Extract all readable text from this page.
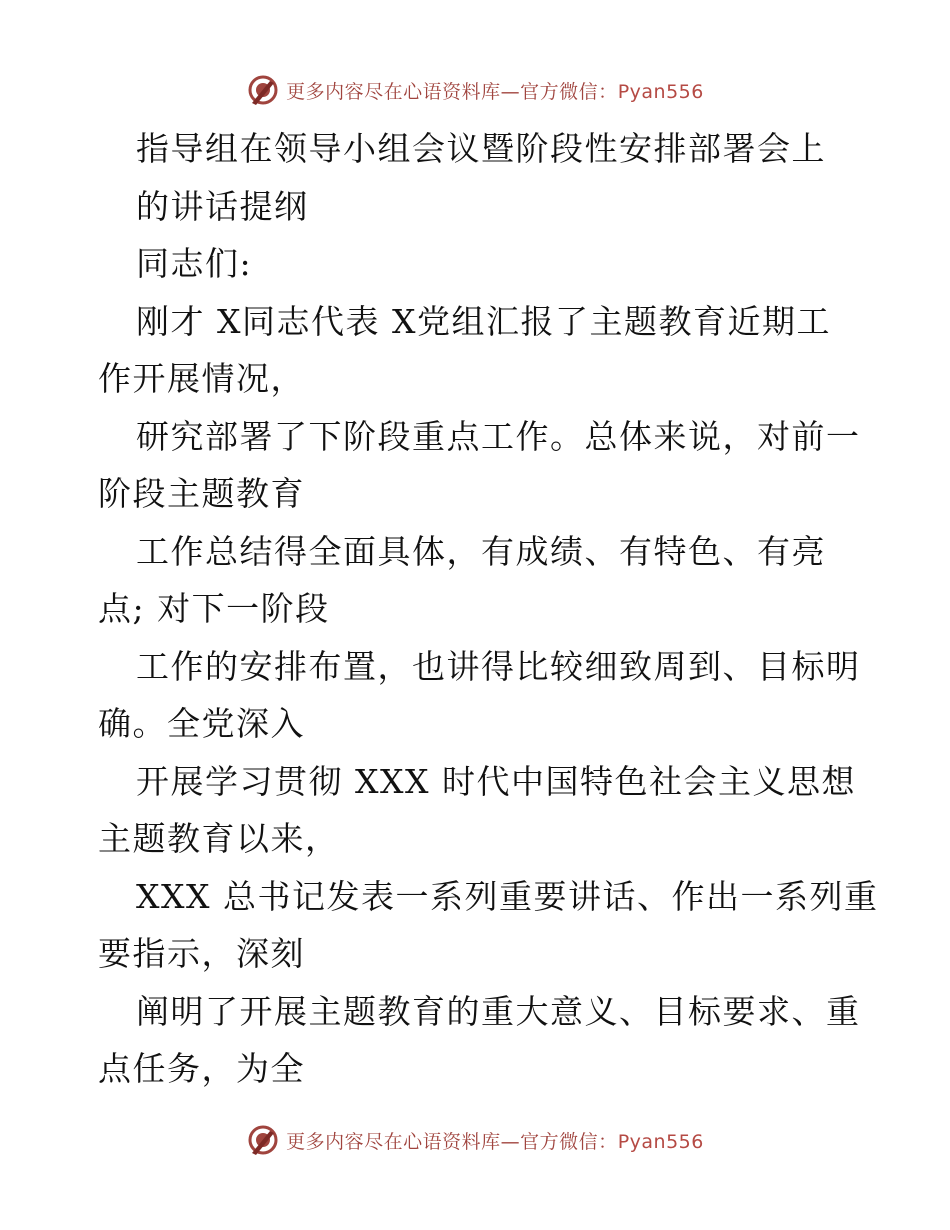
更多内容尽在心语资料库—官方微信：Pyan556
指导组在领导小组会议暨阶段性安排部署会上
的讲话提纲
同志们:
刚才 X同志代表 X党组汇报了主题教育近期工
作开展情况，
研究部署了下阶段重点工作。总体来说，对前一
阶段主题教育
工作总结得全面具体，有成绩、有特色、有亮
点; 对下一阶段
工作的安排布置，也讲得比较细致周到、目标明
确。全党深入
开展学习贯彻 XXX 时代中国特色社会主义思想
主题教育以来，
XXX 总书记发表一系列重要讲话、作出一系列重
要指示，深刻
阐明了开展主题教育的重大意义、目标要求、重
点任务，为全
更多内容尽在心语资料库—官方微信：Pyan556
